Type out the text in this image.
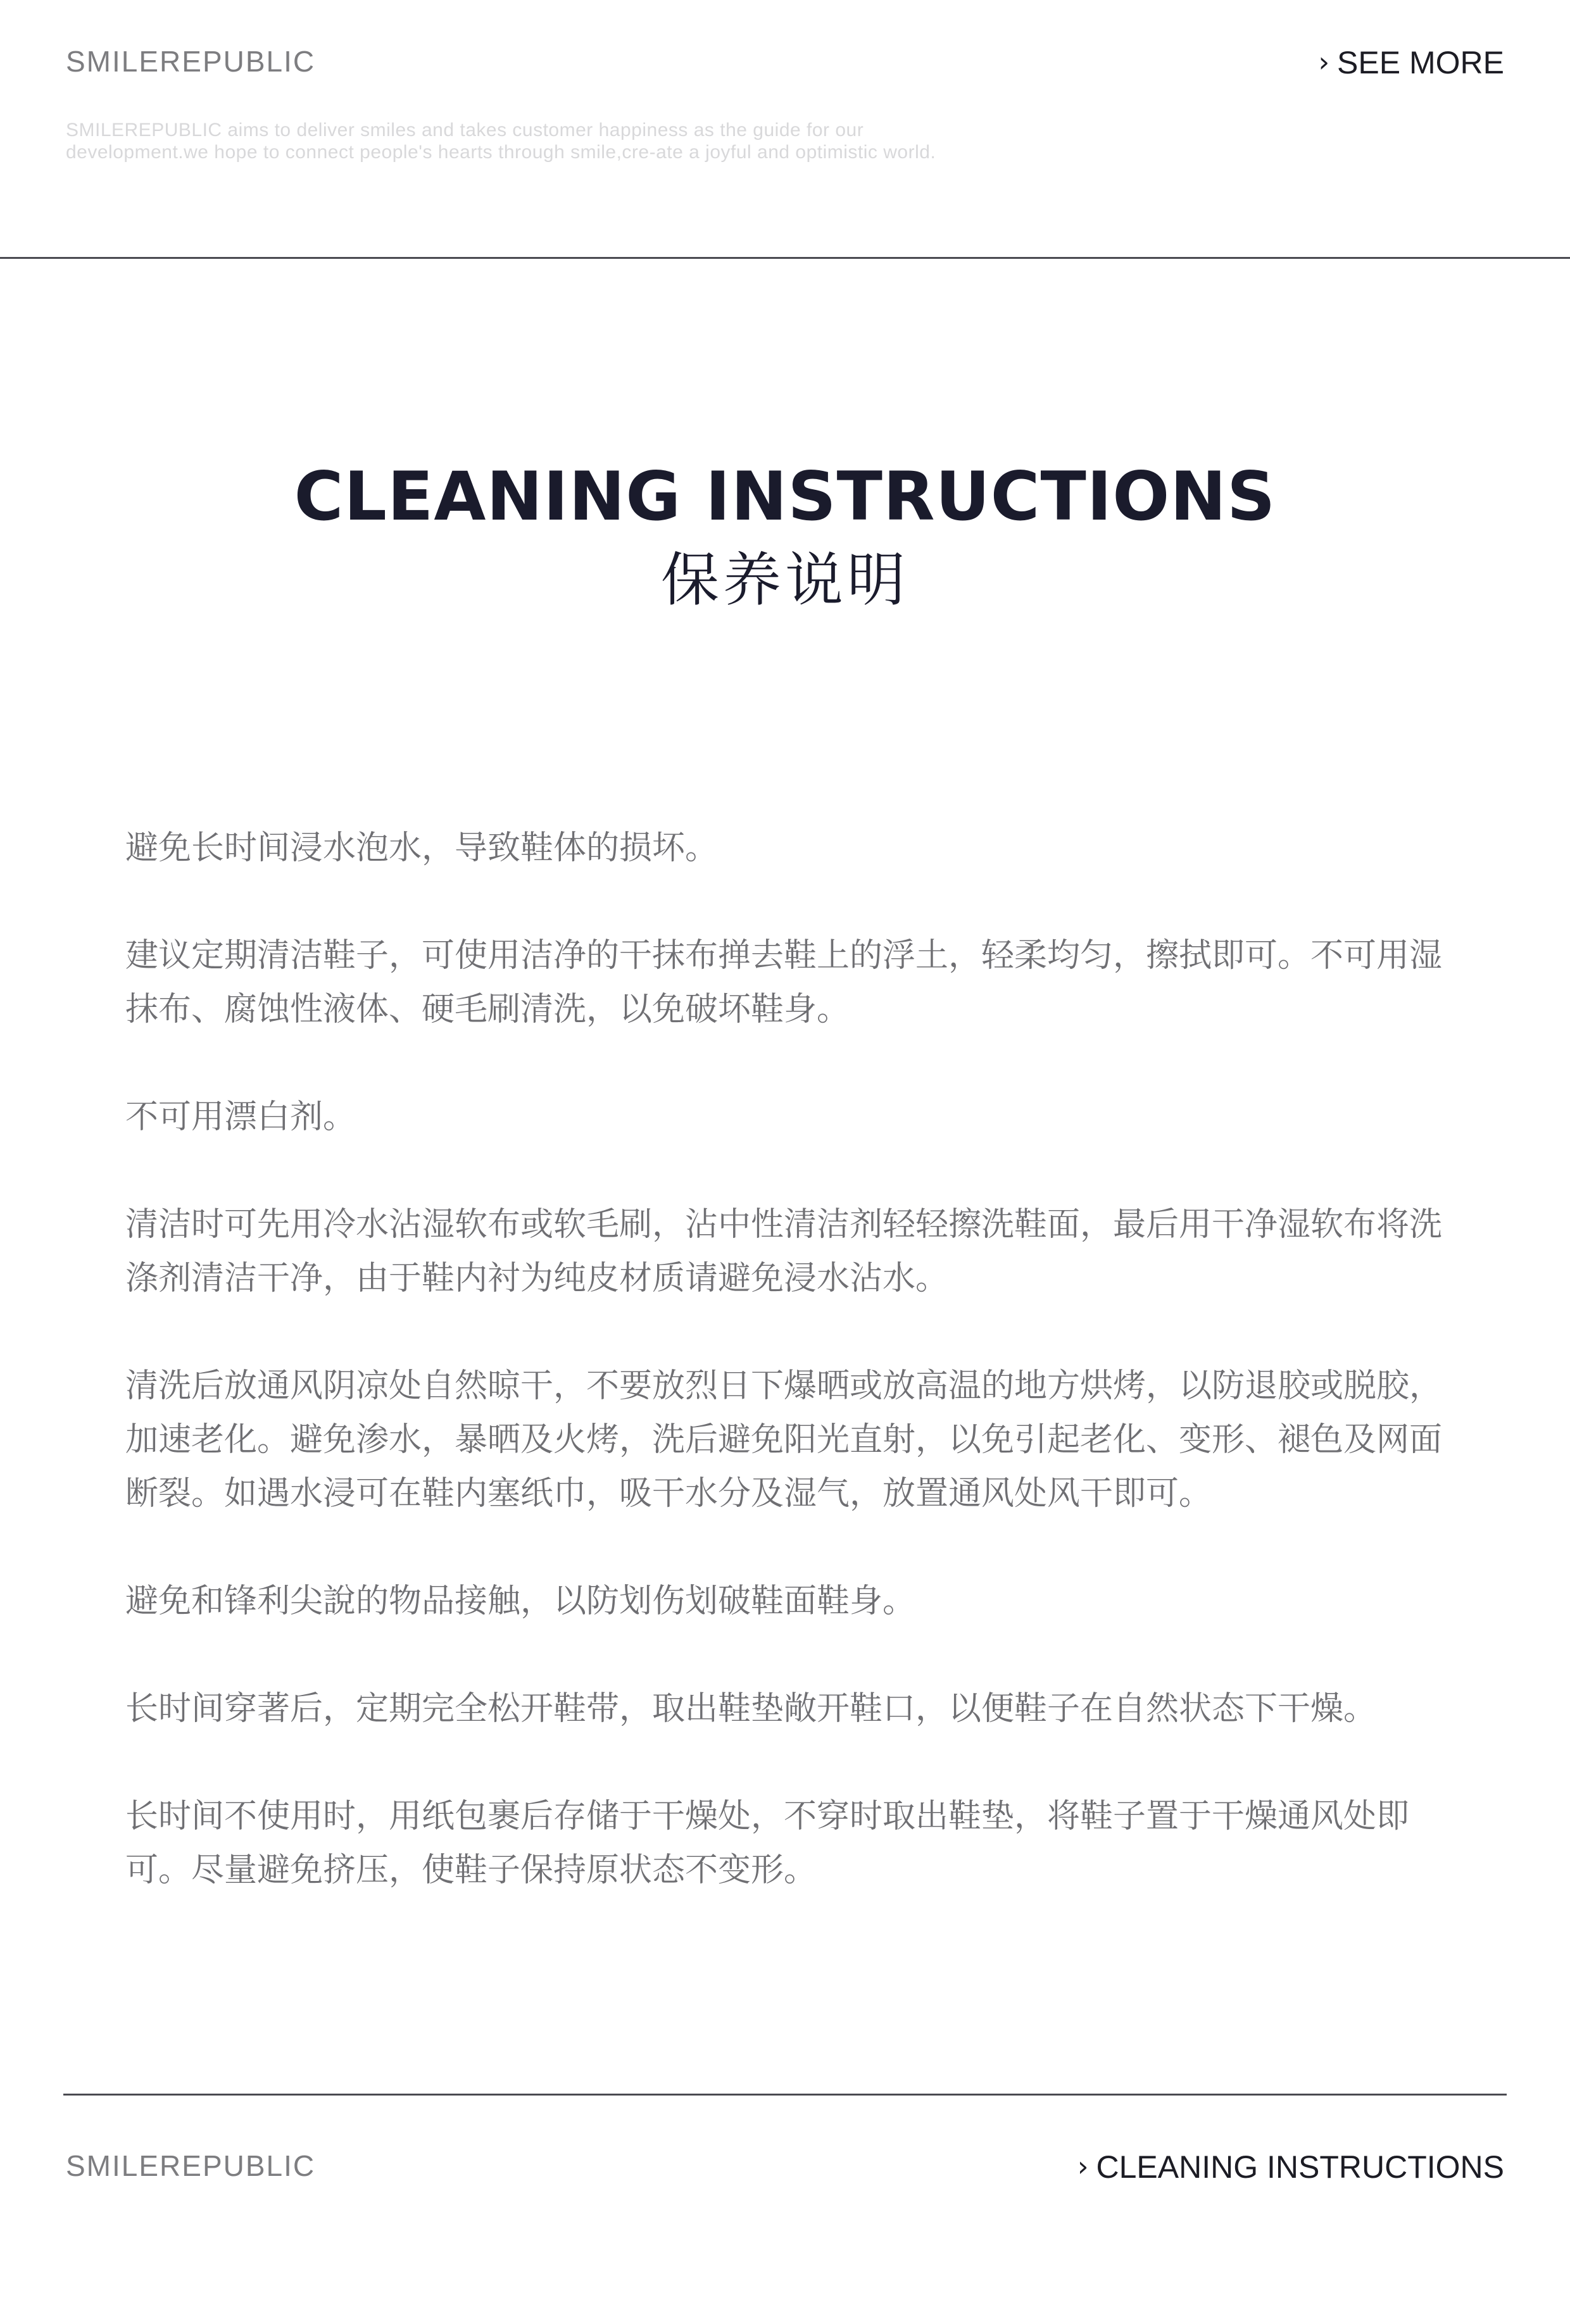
SMILEREPUBLIC	› SEE MORE
SMILEREPUBLIC aims to deliver smiles and takes customer happiness as the guide for our development.we hope to connect people's hearts through smile,cre-ate a joyful and optimistic world.
CLEANING INSTRUCTIONS
保养说明

避免长时间浸水泡水，导致鞋体的损坏。

建议定期清洁鞋子，可使用洁净的干抹布掸去鞋上的浮土，轻柔均匀，擦拭即可。不可用湿抹布、腐蚀性液体、硬毛刷清洗，以免破坏鞋身。

不可用漂白剂。

清洁时可先用冷水沾湿软布或软毛刷，沾中性清洁剂轻轻擦洗鞋面，最后用干净湿软布将洗涤剂清洁干净，由于鞋内衬为纯皮材质请避免浸水沾水。

清洗后放通风阴凉处自然晾干，不要放烈日下爆晒或放高温的地方烘烤，以防退胶或脱胶，加速老化。避免渗水，暴晒及火烤，洗后避免阳光直射，以免引起老化、变形、褪色及网面断裂。如遇水浸可在鞋内塞纸巾，吸干水分及湿气，放置通风处风干即可。

避免和锋利尖說的物品接触，以防划伤划破鞋面鞋身。

长时间穿著后，定期完全松开鞋带，取出鞋垫敞开鞋口，以便鞋子在自然状态下干燥。

长时间不使用时，用纸包裹后存储于干燥处，不穿时取出鞋垫，将鞋子置于干燥通风处即可。尽量避免挤压，使鞋子保持原状态不变形。

SMILEREPUBLIC	› CLEANING INSTRUCTIONS
